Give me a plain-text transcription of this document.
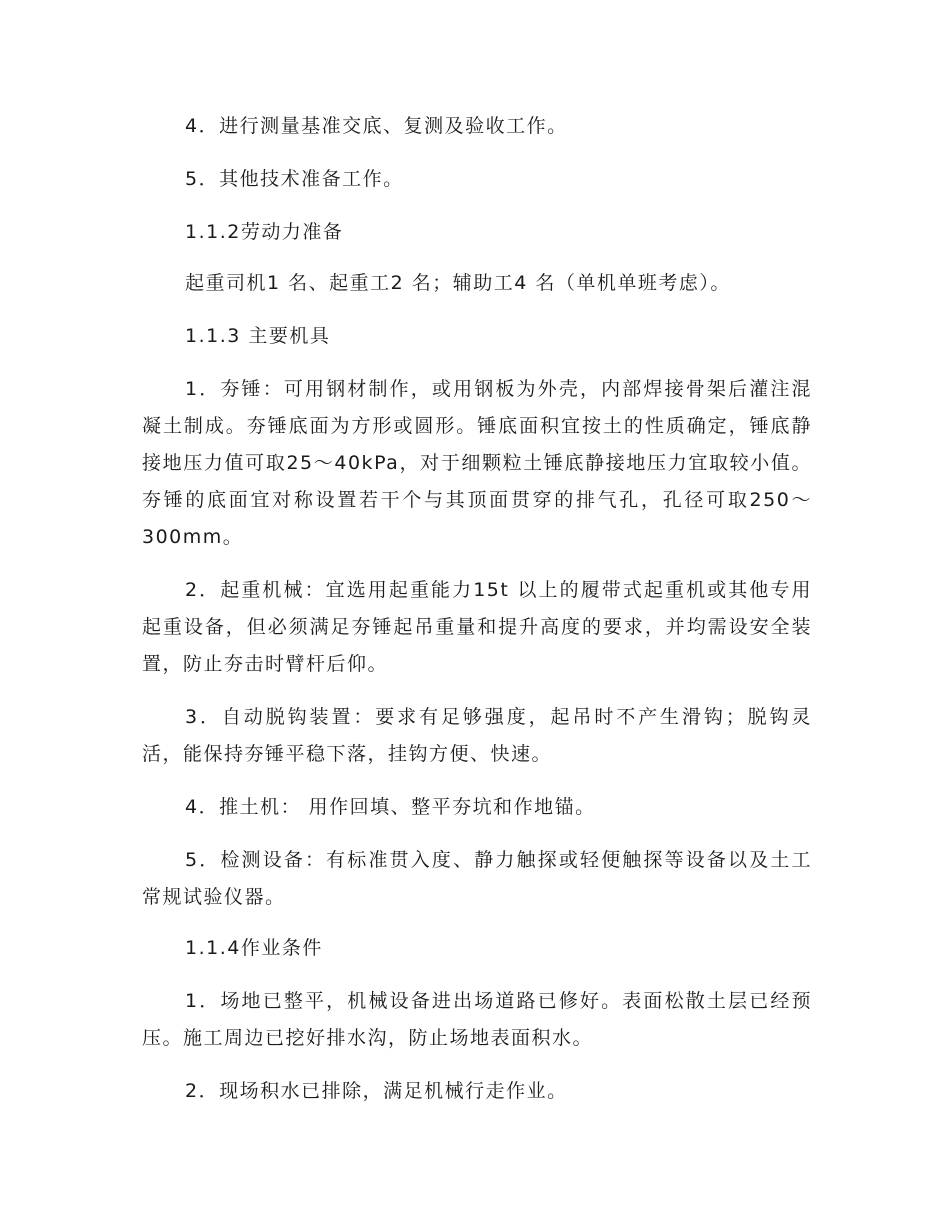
4．进行测量基准交底、复测及验收工作。

5．其他技术准备工作。

1.1.2劳动力准备

起重司机1 名、起重工2 名；辅助工4 名（单机单班考虑）。

1.1.3 主要机具

1．夯锤：可用钢材制作，或用钢板为外壳，内部焊接骨架后灌注混凝土制成。夯锤底面为方形或圆形。锤底面积宜按土的性质确定，锤底静接地压力值可取25～40kPa，对于细颗粒土锤底静接地压力宜取较小值。夯锤的底面宜对称设置若干个与其顶面贯穿的排气孔，孔径可取250～300mm。

2．起重机械：宜选用起重能力15t 以上的履带式起重机或其他专用起重设备，但必须满足夯锤起吊重量和提升高度的要求，并均需设安全装置，防止夯击时臂杆后仰。

3．自动脱钩装置：要求有足够强度，起吊时不产生滑钩；脱钩灵活，能保持夯锤平稳下落，挂钩方便、快速。

4．推土机： 用作回填、整平夯坑和作地锚。

5．检测设备：有标准贯入度、静力触探或轻便触探等设备以及土工常规试验仪器。

1.1.4作业条件

1．场地已整平，机械设备进出场道路已修好。表面松散土层已经预压。施工周边已挖好排水沟，防止场地表面积水。

2．现场积水已排除，满足机械行走作业。
